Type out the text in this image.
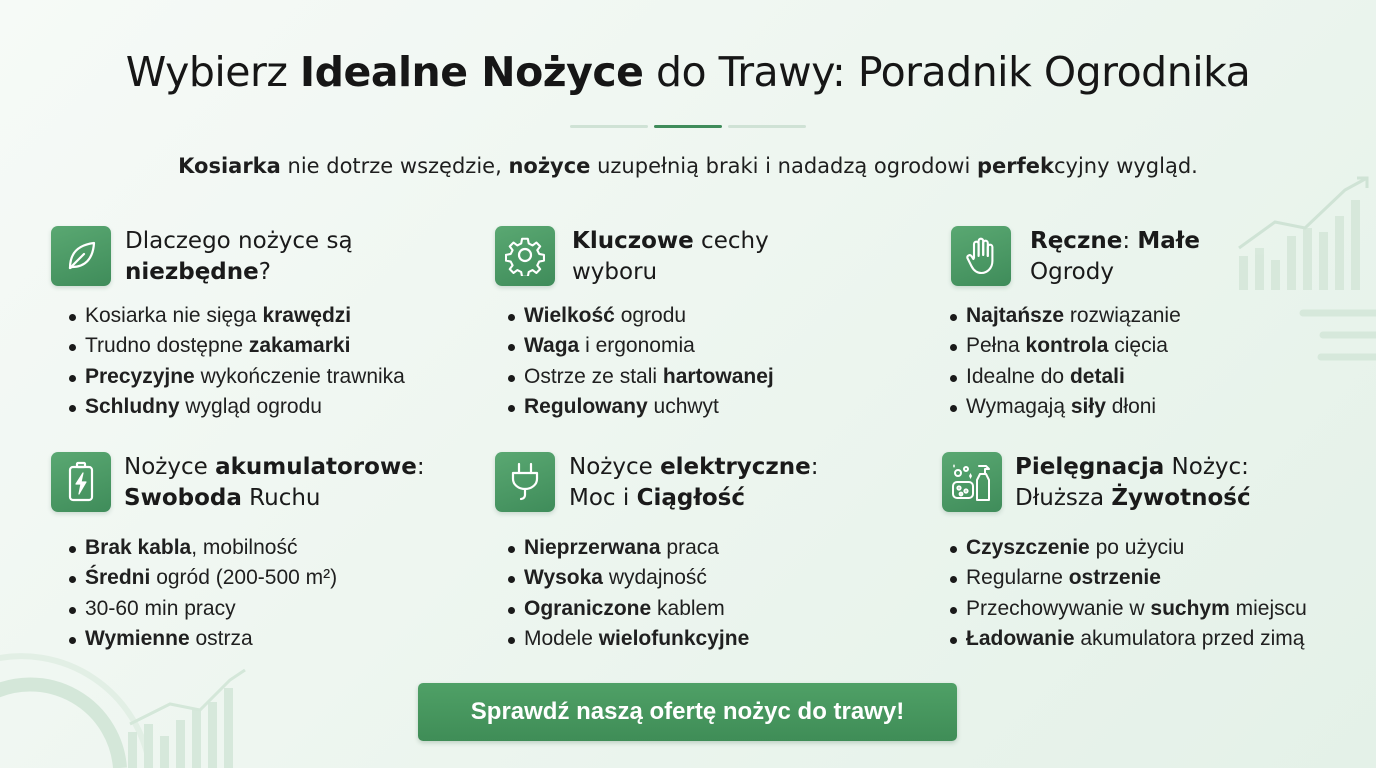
Wybierz Idealne Nożyce do Trawy: Poradnik Ogrodnika
Kosiarka nie dotrze wszędzie, nożyce uzupełnią braki i nadadzą ogrodowi perfekcyjny wygląd.
Dlaczego nożyce są
niezbędne?
Kosiarka nie sięga krawędzi
Trudno dostępne zakamarki
Precyzyjne wykończenie trawnika
Schludny wygląd ogrodu
Kluczowe cechy
wyboru
Wielkość ogrodu
Waga i ergonomia
Ostrze ze stali hartowanej
Regulowany uchwyt
Ręczne: Małe
Ogrody
Najtańsze rozwiązanie
Pełna kontrola cięcia
Idealne do detali
Wymagają siły dłoni
Nożyce akumulatorowe:
Swoboda Ruchu
Brak kabla, mobilność
Średni ogród (200-500 m²)
30-60 min pracy
Wymienne ostrza
Nożyce elektryczne:
Moc i Ciągłość
Nieprzerwana praca
Wysoka wydajność
Ograniczone kablem
Modele wielofunkcyjne
Pielęgnacja Nożyc:
Dłuższa Żywotność
Czyszczenie po użyciu
Regularne ostrzenie
Przechowywanie w suchym miejscu
Ładowanie akumulatora przed zimą
Sprawdź naszą ofertę nożyc do trawy!
